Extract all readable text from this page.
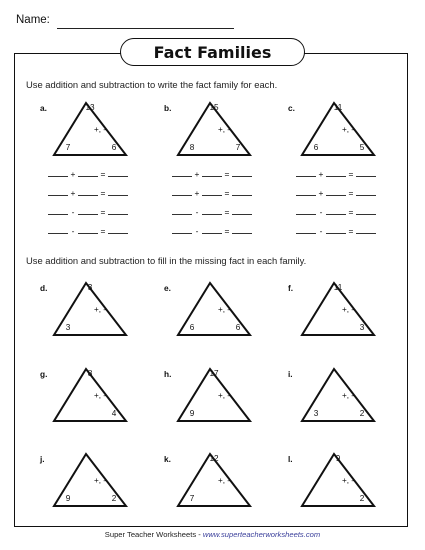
Name:
Fact Families
Use addition and subtraction to write the fact family for each.
Use addition and subtraction to fill in the missing fact in each family.
a.	13
7	6
+, -
+	=
+	=
-	=
-	=
b.	15
8	7
+, -
+	=
+	=
-	=
-	=
c.	11
6	5
+, -
+	=
+	=
-	=
-	=
d.	3
3
+, -
e.
6	6
+, -
f.	11
3
+, -
g.	8
4
+, -
h.	17
9
+, -
i.
3	2
+, -
j.
9	2
+, -
k.	12
7
+, -
l.	9
2
+, -
Super Teacher Worksheets - www.superteacherworksheets.com
